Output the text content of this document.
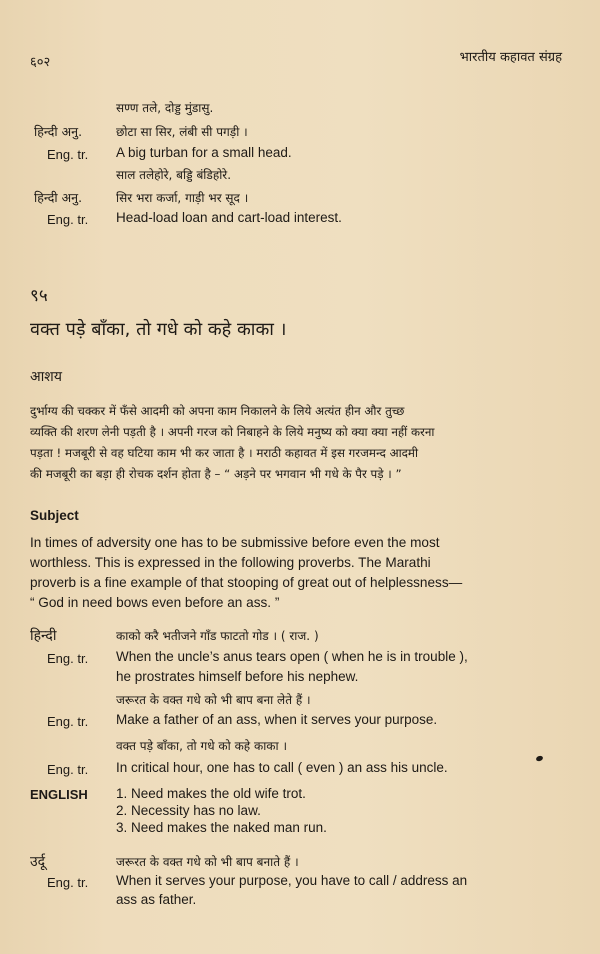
६०२	भारतीय कहावत संग्रह
सण्ण तले, दोड्ड मुंडासु.
हिन्दी अनु.	छोटा सा सिर, लंबी सी पगड़ी ।
Eng. tr. A big turban for a small head.
साल तलेहोरे, बड्डि बंडिहोरे.
हिन्दी अनु.	सिर भरा कर्जा, गाड़ी भर सूद ।
Eng. tr. Head-load loan and cart-load interest.
९५
वक्त पड़े बाँका, तो गधे को कहे काका ।
आशय
दुर्भाग्य की चक्कर में फँसे आदमी को अपना काम निकालने के लिये अत्यंत हीन और तुच्छ
व्यक्ति की शरण लेनी पड़ती है । अपनी गरज को निबाहने के लिये मनुष्य को क्या क्या नहीं करना
पड़ता ! मजबूरी से वह घटिया काम भी कर जाता है । मराठी कहावत में इस गरजमन्द आदमी
की मजबूरी का बड़ा ही रोचक दर्शन होता है – “ अड़ने पर भगवान भी गधे के पैर पड़े । ”
Subject
In times of adversity one has to be submissive before even the most
worthless. This is expressed in the following proverbs. The Marathi
proverb is a fine example of that stooping of great out of helplessness—
“ God in need bows even before an ass. ”
हिन्दी	काको करै भतीजने गाँड फाटतो गोड । ( राज. )
Eng. tr. When the uncle’s anus tears open ( when he is in trouble ),
he prostrates himself before his nephew.
जरूरत के वक्त गधे को भी बाप बना लेते हैं ।
Eng. tr. Make a father of an ass, when it serves your purpose.
वक्त पड़े बाँका, तो गधे को कहे काका ।
Eng. tr. In critical hour, one has to call ( even ) an ass his uncle.
ENGLISH 1. Need makes the old wife trot.
2. Necessity has no law.
3. Need makes the naked man run.
उर्दू	जरूरत के वक्त गधे को भी बाप बनाते हैं ।
Eng. tr. When it serves your purpose, you have to call / address an
ass as father.
